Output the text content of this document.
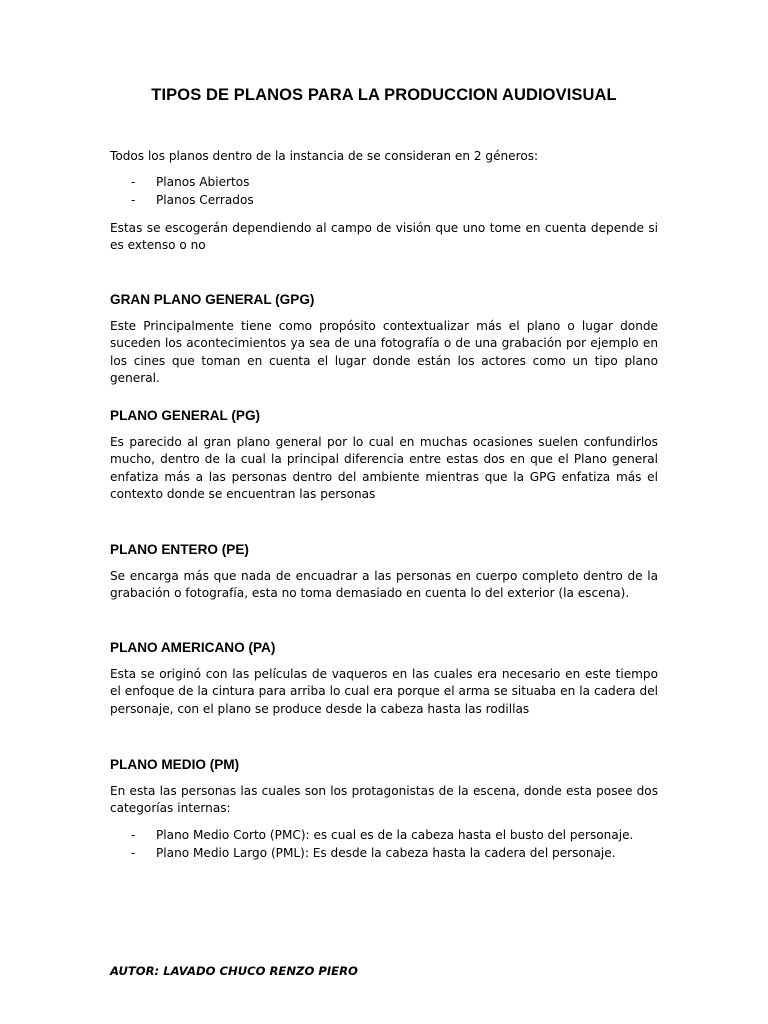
TIPOS DE PLANOS PARA LA PRODUCCION AUDIOVISUAL

Todos los planos dentro de la instancia de se consideran en 2 géneros:

- Planos Abiertos
- Planos Cerrados

Estas se escogerán dependiendo al campo de visión que uno tome en cuenta depende si es extenso o no

GRAN PLANO GENERAL (GPG)

Este Principalmente tiene como propósito contextualizar más el plano o lugar donde suceden los acontecimientos ya sea de una fotografía o de una grabación por ejemplo en los cines que toman en cuenta el lugar donde están los actores como un tipo plano general.

PLANO GENERAL (PG)

Es parecido al gran plano general por lo cual en muchas ocasiones suelen confundirlos mucho, dentro de la cual la principal diferencia entre estas dos en que el Plano general enfatiza más a las personas dentro del ambiente mientras que la GPG enfatiza más el contexto donde se encuentran las personas

PLANO ENTERO (PE)

Se encarga más que nada de encuadrar a las personas en cuerpo completo dentro de la grabación o fotografía, esta no toma demasiado en cuenta lo del exterior (la escena).

PLANO AMERICANO (PA)

Esta se originó con las películas de vaqueros en las cuales era necesario en este tiempo el enfoque de la cintura para arriba lo cual era porque el arma se situaba en la cadera del personaje, con el plano se produce desde la cabeza hasta las rodillas

PLANO MEDIO (PM)

En esta las personas las cuales son los protagonistas de la escena, donde esta posee dos categorías internas:

- Plano Medio Corto (PMC): es cual es de la cabeza hasta el busto del personaje.
- Plano Medio Largo (PML): Es desde la cabeza hasta la cadera del personaje.
AUTOR: LAVADO CHUCO RENZO PIERO
